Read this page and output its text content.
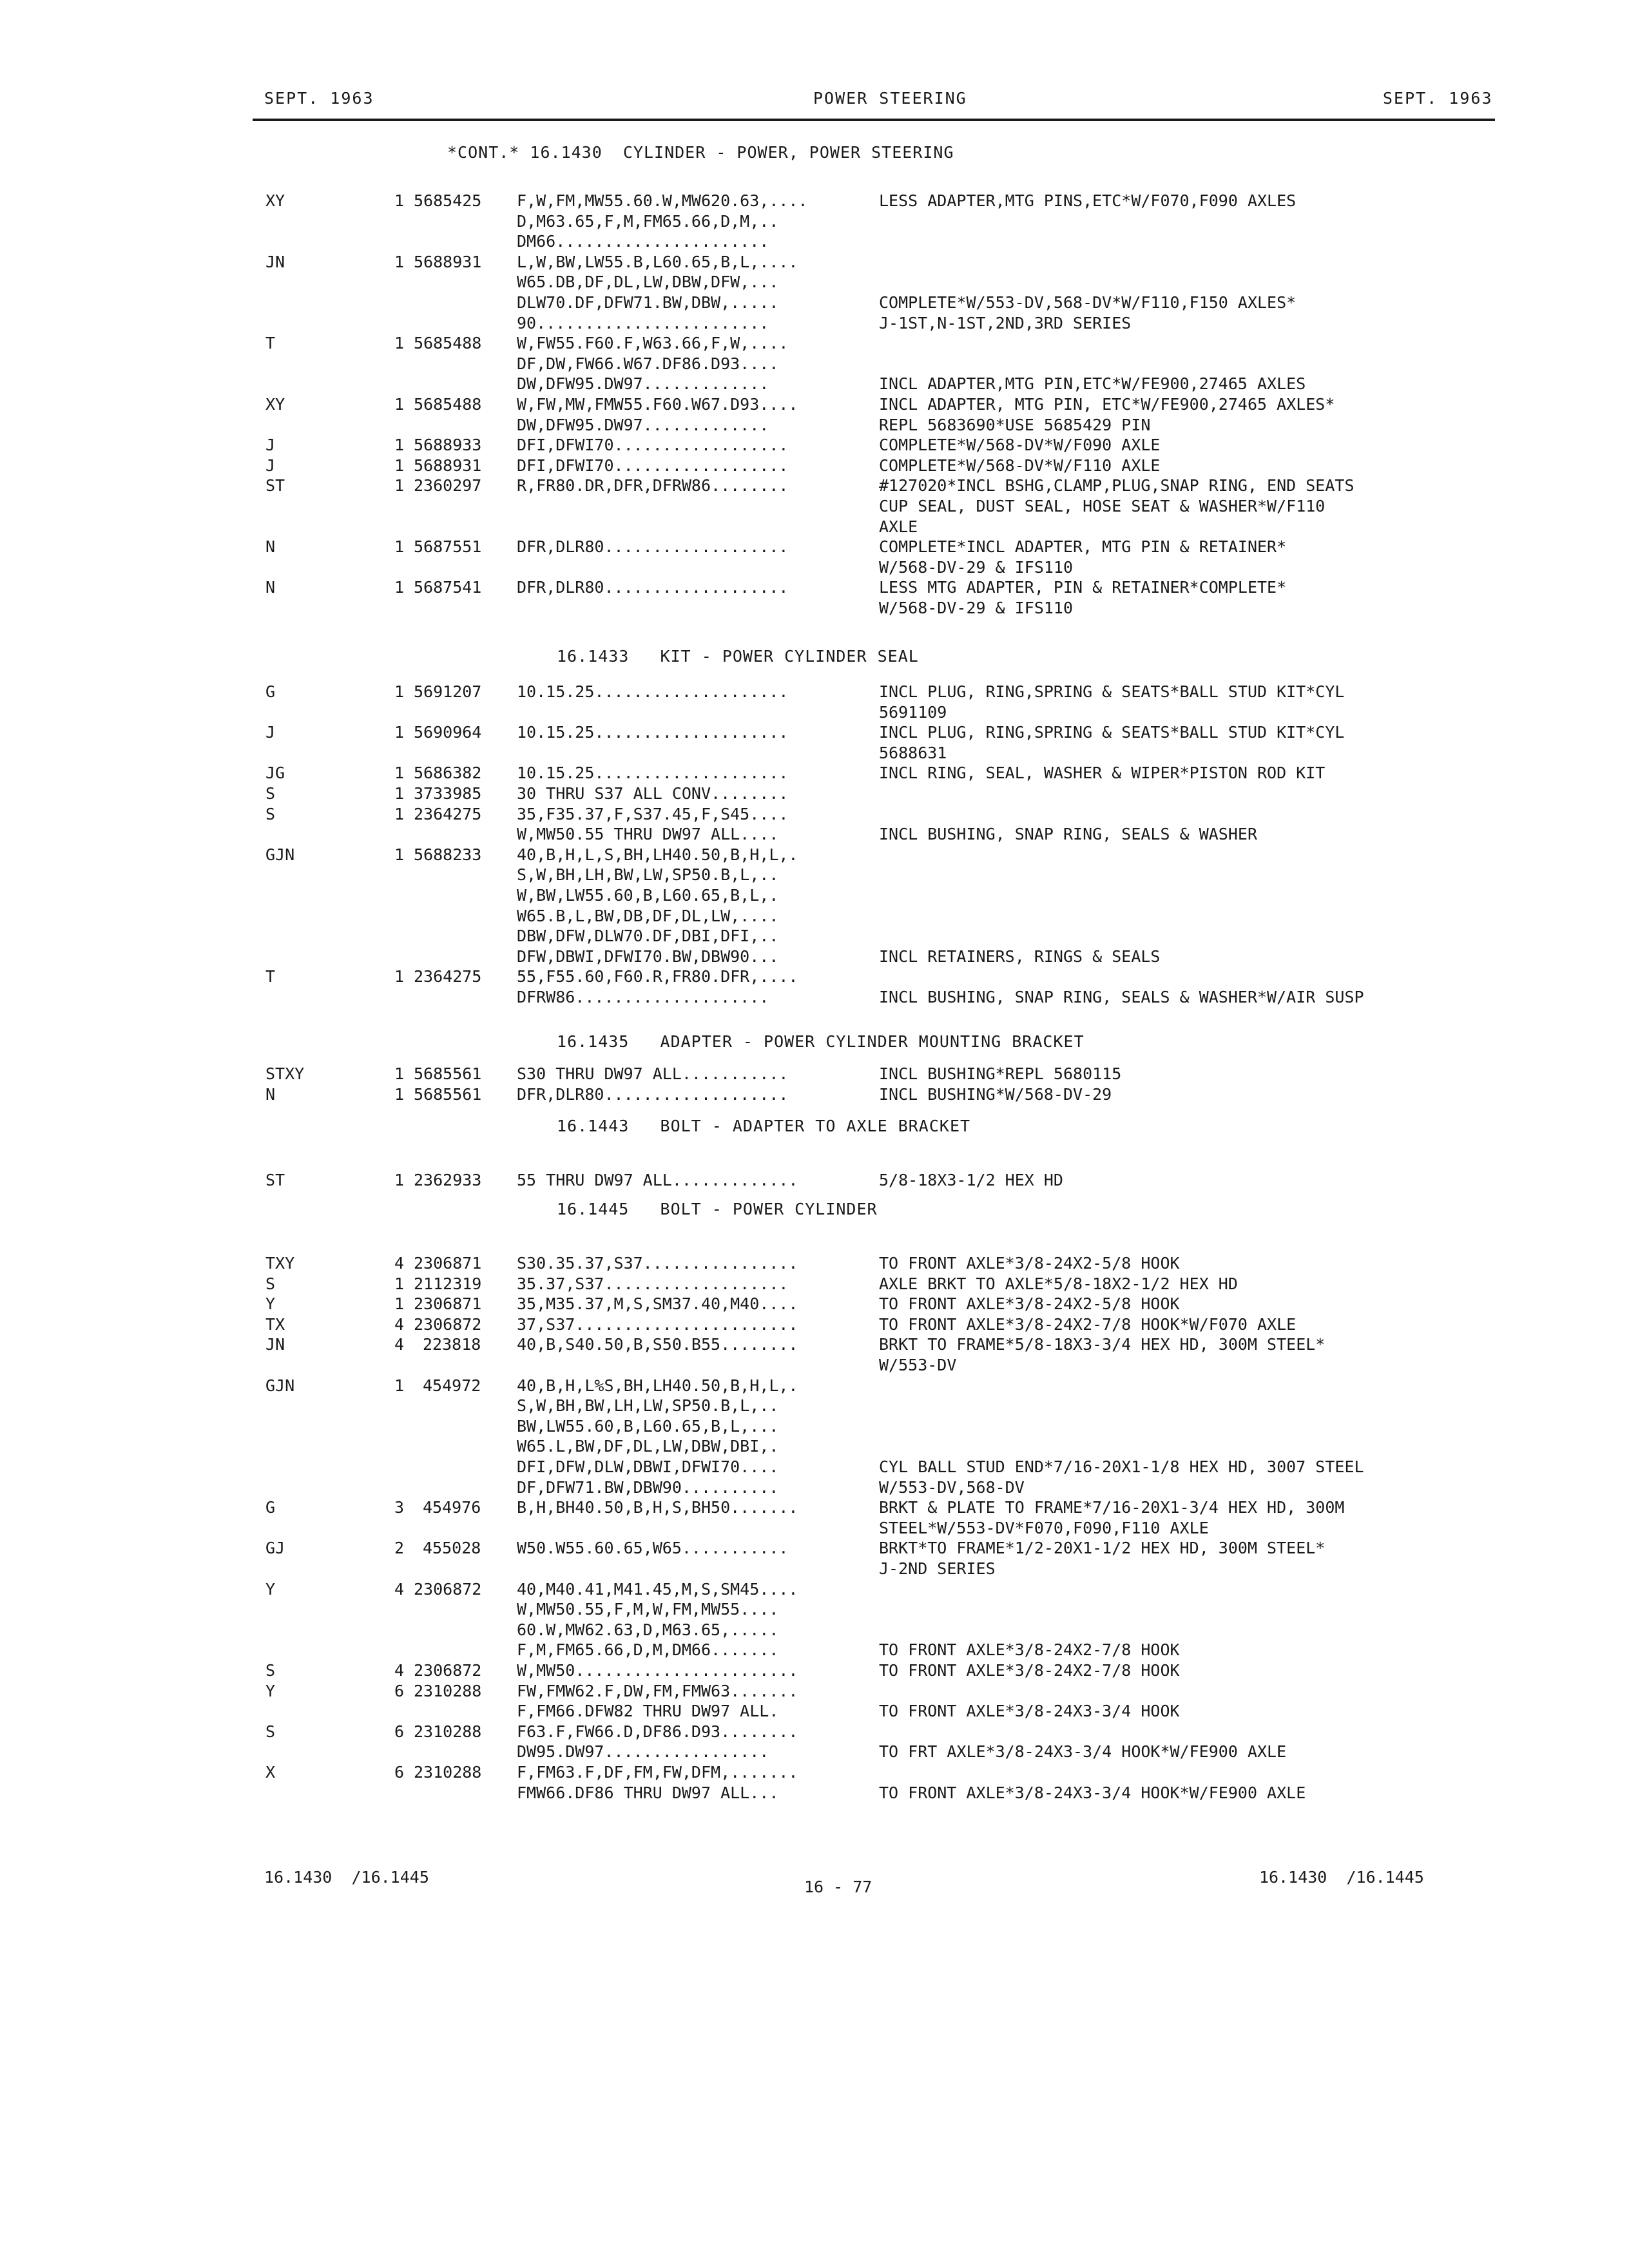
SEPT. 1963	POWER STEERING	SEPT. 1963
*CONT.* 16.1430  CYLINDER - POWER, POWER STEERING
XY	1 5685425 F,W,FM,MW55.60.W,MW620.63,....	LESS ADAPTER,MTG PINS,ETC*W/F070,F090 AXLES
D,M63.65,F,M,FM65.66,D,M,..
DM66......................
JN	1 5688931 L,W,BW,LW55.B,L60.65,B,L,....
W65.DB,DF,DL,LW,DBW,DFW,...
DLW70.DF,DFW71.BW,DBW,.....	COMPLETE*W/553-DV,568-DV*W/F110,F150 AXLES*
90........................	J-1ST,N-1ST,2ND,3RD SERIES
T	1 5685488 W,FW55.F60.F,W63.66,F,W,....
DF,DW,FW66.W67.DF86.D93....
DW,DFW95.DW97.............	INCL ADAPTER,MTG PIN,ETC*W/FE900,27465 AXLES
XY	1 5685488 W,FW,MW,FMW55.F60.W67.D93....	INCL ADAPTER, MTG PIN, ETC*W/FE900,27465 AXLES*
DW,DFW95.DW97.............	REPL 5683690*USE 5685429 PIN
J	1 5688933 DFI,DFWI70..................	COMPLETE*W/568-DV*W/F090 AXLE
J	1 5688931 DFI,DFWI70..................	COMPLETE*W/568-DV*W/F110 AXLE
ST	1 2360297 R,FR80.DR,DFR,DFRW86........	#127020*INCL BSHG,CLAMP,PLUG,SNAP RING, END SEATS
CUP SEAL, DUST SEAL, HOSE SEAT & WASHER*W/F110
AXLE
N	1 5687551 DFR,DLR80...................	COMPLETE*INCL ADAPTER, MTG PIN & RETAINER*
W/568-DV-29 & IFS110
N	1 5687541 DFR,DLR80...................	LESS MTG ADAPTER, PIN & RETAINER*COMPLETE*
W/568-DV-29 & IFS110
16.1433   KIT - POWER CYLINDER SEAL
G	1 5691207 10.15.25....................	INCL PLUG, RING,SPRING & SEATS*BALL STUD KIT*CYL
5691109
J	1 5690964 10.15.25....................	INCL PLUG, RING,SPRING & SEATS*BALL STUD KIT*CYL
5688631
JG	1 5686382 10.15.25....................	INCL RING, SEAL, WASHER & WIPER*PISTON ROD KIT
S	1 3733985 30 THRU S37 ALL CONV........
S	1 2364275 35,F35.37,F,S37.45,F,S45....
W,MW50.55 THRU DW97 ALL....	INCL BUSHING, SNAP RING, SEALS & WASHER
GJN	1 5688233 40,B,H,L,S,BH,LH40.50,B,H,L,.
S,W,BH,LH,BW,LW,SP50.B,L,..
W,BW,LW55.60,B,L60.65,B,L,.
W65.B,L,BW,DB,DF,DL,LW,....
DBW,DFW,DLW70.DF,DBI,DFI,..
DFW,DBWI,DFWI70.BW,DBW90...	INCL RETAINERS, RINGS & SEALS
T	1 2364275 55,F55.60,F60.R,FR80.DFR,....
DFRW86....................	INCL BUSHING, SNAP RING, SEALS & WASHER*W/AIR SUSP
16.1435   ADAPTER - POWER CYLINDER MOUNTING BRACKET
STXY	1 5685561 S30 THRU DW97 ALL...........	INCL BUSHING*REPL 5680115
N	1 5685561 DFR,DLR80...................	INCL BUSHING*W/568-DV-29
16.1443   BOLT - ADAPTER TO AXLE BRACKET
ST	1 2362933 55 THRU DW97 ALL.............	5/8-18X3-1/2 HEX HD
16.1445   BOLT - POWER CYLINDER
TXY	4 2306871 S30.35.37,S37................	TO FRONT AXLE*3/8-24X2-5/8 HOOK
S	1 2112319 35.37,S37...................	AXLE BRKT TO AXLE*5/8-18X2-1/2 HEX HD
Y	1 2306871 35,M35.37,M,S,SM37.40,M40....	TO FRONT AXLE*3/8-24X2-5/8 HOOK
TX	4 2306872 37,S37.......................	TO FRONT AXLE*3/8-24X2-7/8 HOOK*W/F070 AXLE
JN	4 223818 40,B,S40.50,B,S50.B55........	BRKT TO FRAME*5/8-18X3-3/4 HEX HD, 300M STEEL*
W/553-DV
GJN	1 454972 40,B,H,L%S,BH,LH40.50,B,H,L,.
S,W,BH,BW,LH,LW,SP50.B,L,..
BW,LW55.60,B,L60.65,B,L,...
W65.L,BW,DF,DL,LW,DBW,DBI,.
DFI,DFW,DLW,DBWI,DFWI70....	CYL BALL STUD END*7/16-20X1-1/8 HEX HD, 3007 STEEL
DF,DFW71.BW,DBW90..........	W/553-DV,568-DV
G	3 454976 B,H,BH40.50,B,H,S,BH50.......	BRKT & PLATE TO FRAME*7/16-20X1-3/4 HEX HD, 300M
STEEL*W/553-DV*F070,F090,F110 AXLE
GJ	2 455028 W50.W55.60.65,W65...........	BRKT*TO FRAME*1/2-20X1-1/2 HEX HD, 300M STEEL*
J-2ND SERIES
Y	4 2306872 40,M40.41,M41.45,M,S,SM45....
W,MW50.55,F,M,W,FM,MW55....
60.W,MW62.63,D,M63.65,.....
F,M,FM65.66,D,M,DM66.......	TO FRONT AXLE*3/8-24X2-7/8 HOOK
S	4 2306872 W,MW50.......................	TO FRONT AXLE*3/8-24X2-7/8 HOOK
Y	6 2310288 FW,FMW62.F,DW,FM,FMW63.......
F,FM66.DFW82 THRU DW97 ALL.	TO FRONT AXLE*3/8-24X3-3/4 HOOK
S	6 2310288 F63.F,FW66.D,DF86.D93........
DW95.DW97.................	TO FRT AXLE*3/8-24X3-3/4 HOOK*W/FE900 AXLE
X	6 2310288 F,FM63.F,DF,FM,FW,DFM,.......
FMW66.DF86 THRU DW97 ALL...	TO FRONT AXLE*3/8-24X3-3/4 HOOK*W/FE900 AXLE
16.1430  /16.1445
16 - 77
16.1430  /16.1445
